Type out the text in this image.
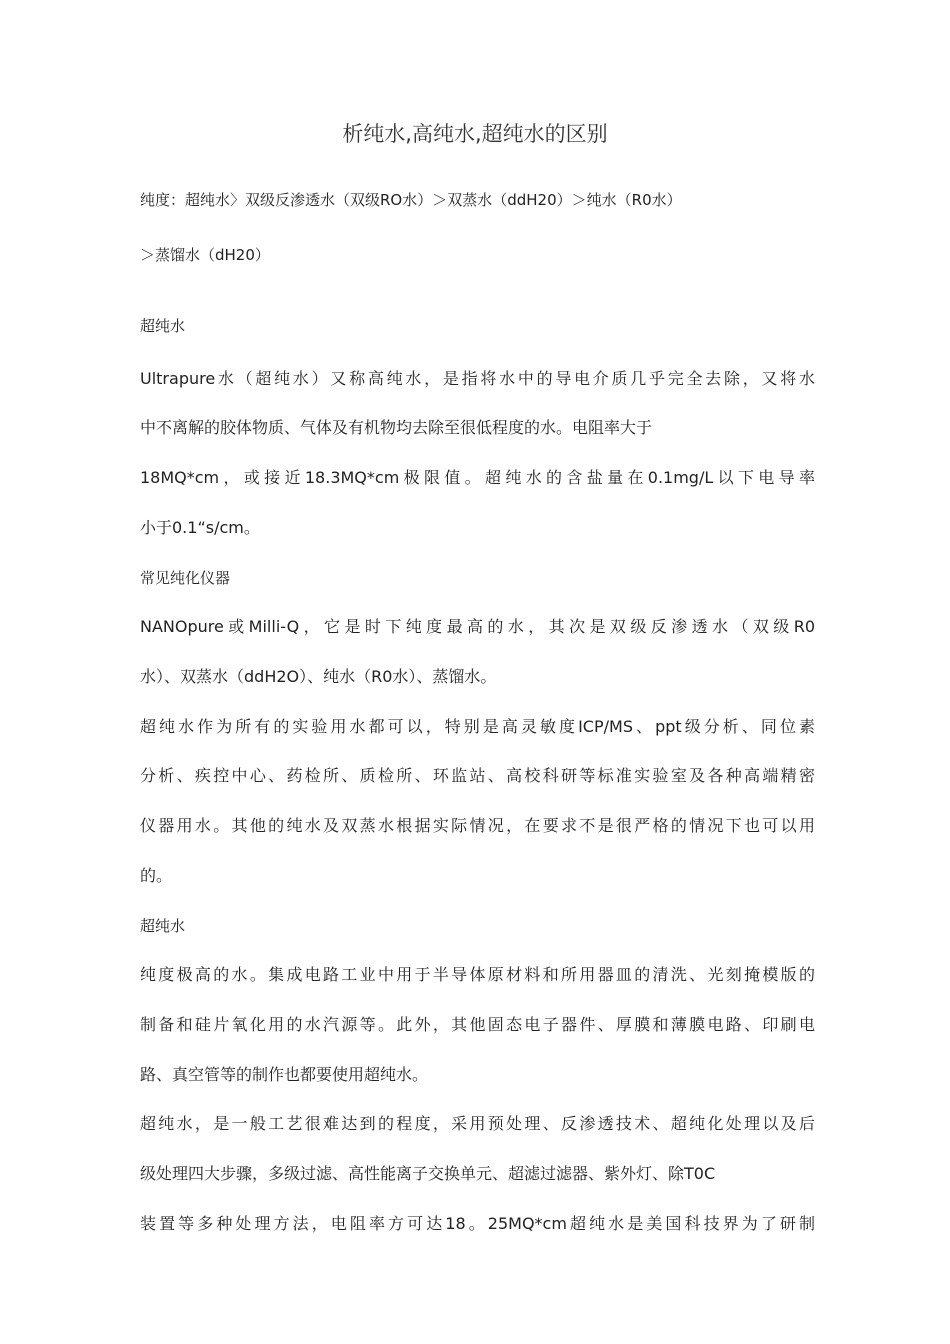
析纯水,高纯水,超纯水的区别

纯度：超纯水〉双级反渗透水（双级RO水）＞双蒸水（ddH20）＞纯水（R0水）

＞蒸馏水（dH20）

超纯水

Ultrapure水（超纯水）又称高纯水，是指将水中的导电介质几乎完全去除，又将水

中不离解的胶体物质、气体及有机物均去除至很低程度的水。电阻率大于

18MQ*cm，或接近18.3MQ*cm极限值。超纯水的含盐量在0.1mg/L以下电导率

小于0.1“s/cm。

常见纯化仪器

NANOpure或Milli-Q，它是时下纯度最高的水，其次是双级反渗透水（双级R0

水）、双蒸水（ddH2O）、纯水（R0水）、蒸馏水。

超纯水作为所有的实验用水都可以，特别是高灵敏度ICP/MS、ppt级分析、同位素

分析、疾控中心、药检所、质检所、环监站、高校科研等标准实验室及各种高端精密

仪器用水。其他的纯水及双蒸水根据实际情况，在要求不是很严格的情况下也可以用

的。

超纯水

纯度极高的水。集成电路工业中用于半导体原材料和所用器皿的清洗、光刻掩模版的

制备和硅片氧化用的水汽源等。此外，其他固态电子器件、厚膜和薄膜电路、印刷电

路、真空管等的制作也都要使用超纯水。

超纯水，是一般工艺很难达到的程度，采用预处理、反渗透技术、超纯化处理以及后

级处理四大步骤，多级过滤、高性能离子交换单元、超滤过滤器、紫外灯、除T0C

装置等多种处理方法，电阻率方可达18。25MQ*cm超纯水是美国科技界为了研制
